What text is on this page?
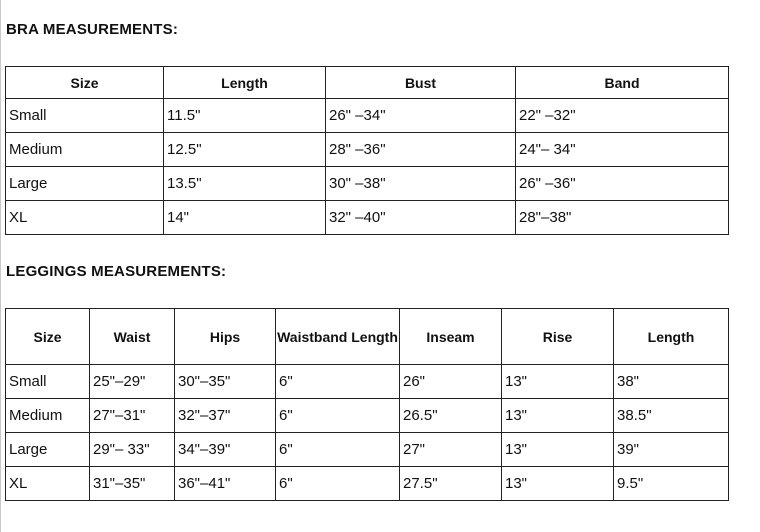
BRA MEASUREMENTS:
Size	Length	Bust	Band
Small	11.5"	26" –34"	22" –32"
Medium	12.5"	28" –36"	24"– 34"
Large	13.5"	30" –38"	26" –36"
XL	14"	32" –40"	28"–38"
LEGGINGS MEASUREMENTS:
Size	Waist	Hips	Waistband Length	Inseam	Rise	Length
Small	25"–29"	30"–35"	6"	26"	13"	38"
Medium	27"–31"	32"–37"	6"	26.5"	13"	38.5"
Large	29"– 33"	34"–39"	6"	27"	13"	39"
XL	31"–35"	36"–41"	6"	27.5"	13"	9.5"
